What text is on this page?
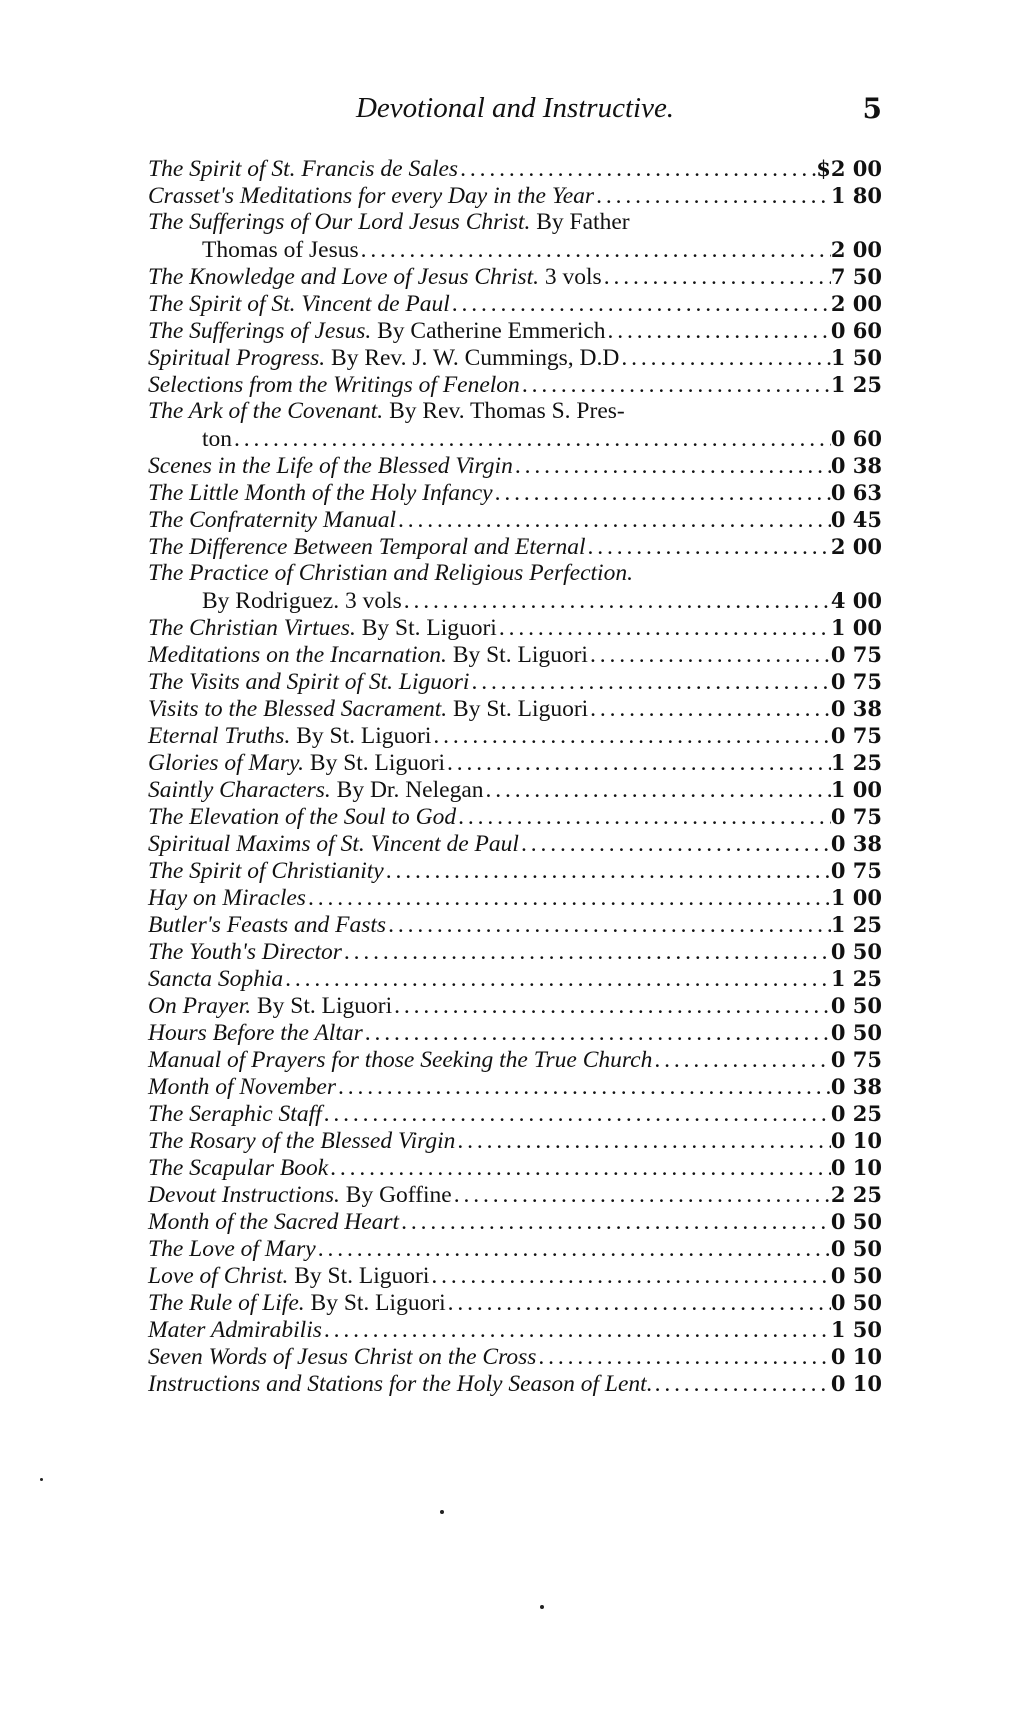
Devotional and Instructive.	5
The Spirit of St. Francis de Sales . . .	$2 00
Crasset's Meditations for every Day in the Year . . .	1 80
The Sufferings of Our Lord Jesus Christ. By Father
Thomas of Jesus . . .	2 00
The Knowledge and Love of Jesus Christ. 3 vols . . .	7 50
The Spirit of St. Vincent de Paul . . .	2 00
The Sufferings of Jesus. By Catherine Emmerich . . .	0 60
Spiritual Progress. By Rev. J. W. Cummings, D.D . . .	1 50
Selections from the Writings of Fenelon . . .	1 25
The Ark of the Covenant. By Rev. Thomas S. Pres-
ton . . .	0 60
Scenes in the Life of the Blessed Virgin . . .	0 38
The Little Month of the Holy Infancy . . .	0 63
The Confraternity Manual . . .	0 45
The Difference Between Temporal and Eternal . . .	2 00
The Practice of Christian and Religious Perfection.
By Rodriguez. 3 vols . . .	4 00
The Christian Virtues. By St. Liguori . . .	1 00
Meditations on the Incarnation. By St. Liguori . . .	0 75
The Visits and Spirit of St. Liguori . . .	0 75
Visits to the Blessed Sacrament. By St. Liguori . . .	0 38
Eternal Truths. By St. Liguori . . .	0 75
Glories of Mary. By St. Liguori . . .	1 25
Saintly Characters. By Dr. Nelegan . . .	1 00
The Elevation of the Soul to God . . .	0 75
Spiritual Maxims of St. Vincent de Paul . . .	0 38
The Spirit of Christianity . . .	0 75
Hay on Miracles . . .	1 00
Butler's Feasts and Fasts . . .	1 25
The Youth's Director . . .	0 50
Sancta Sophia . . .	1 25
On Prayer. By St. Liguori . . .	0 50
Hours Before the Altar . . .	0 50
Manual of Prayers for those Seeking the True Church . . .	0 75
Month of November . . .	0 38
The Seraphic Staff . . .	0 25
The Rosary of the Blessed Virgin . . .	0 10
The Scapular Book . . .	0 10
Devout Instructions. By Goffine . . .	2 25
Month of the Sacred Heart . . .	0 50
The Love of Mary . . .	0 50
Love of Christ. By St. Liguori . . .	0 50
The Rule of Life. By St. Liguori . . .	0 50
Mater Admirabilis . . .	1 50
Seven Words of Jesus Christ on the Cross . . .	0 10
Instructions and Stations for the Holy Season of Lent. . . .	0 10
